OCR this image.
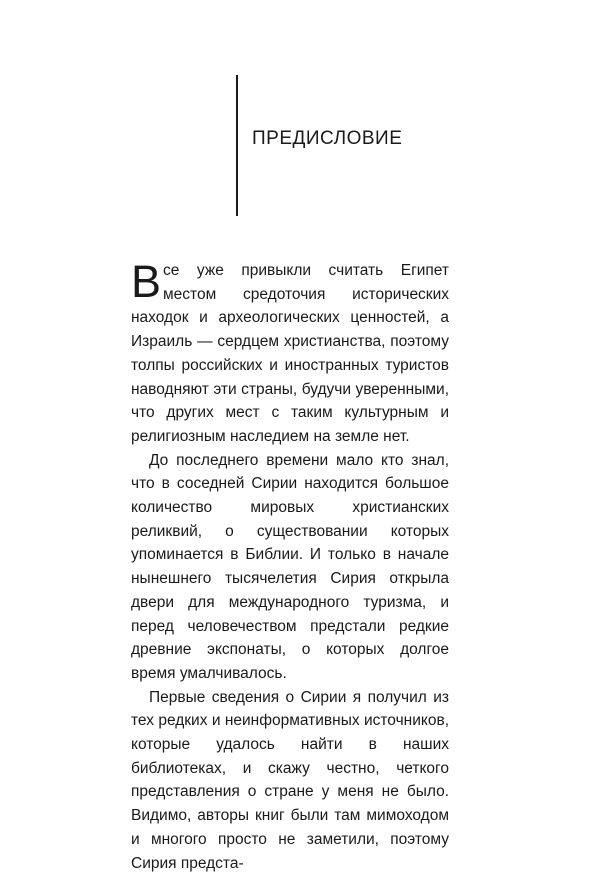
ПРЕДИСЛОВИЕ

Все уже привыкли считать Египет местом средоточия исторических находок и археологических ценностей, а Израиль — сердцем христианства, поэтому толпы российских и иностранных туристов наводняют эти страны, будучи уверенными, что других мест с таким культурным и религиозным наследием на земле нет.

До последнего времени мало кто знал, что в соседней Сирии находится большое количество мировых христианских реликвий, о существовании которых упоминается в Библии. И только в начале нынешнего тысячелетия Сирия открыла двери для международного туризма, и перед человечеством предстали редкие древние экспонаты, о которых долгое время умалчивалось.

Первые сведения о Сирии я получил из тех редких и неинформативных источников, которые удалось найти в наших библиотеках, и скажу честно, четкого представления о стране у меня не было. Видимо, авторы книг были там мимоходом и многого просто не заметили, поэтому Сирия предста-
